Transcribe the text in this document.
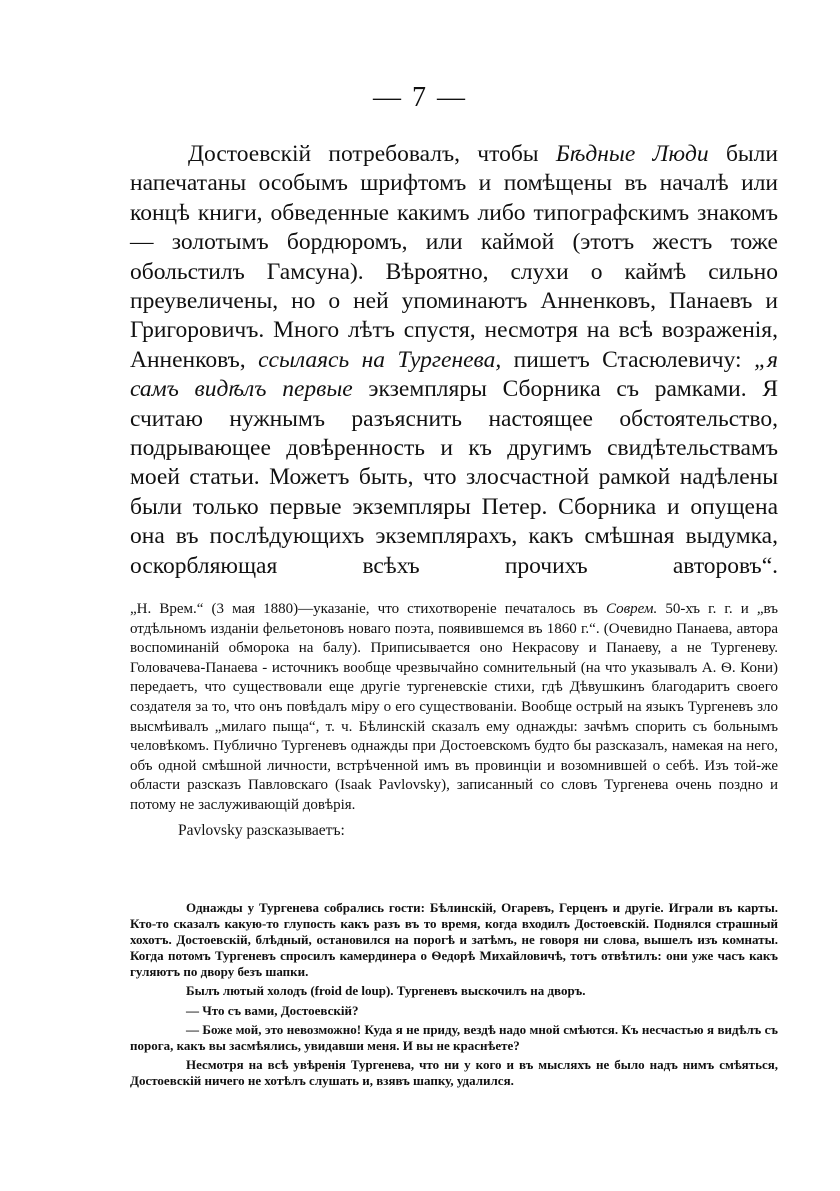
— 7 —

Достоевскій потребовалъ, чтобы Бѣдные Люди были напечатаны особымъ шрифтомъ и помѣщены въ началѣ или концѣ книги, обведенные какимъ либо типографскимъ знакомъ — золотымъ бордюромъ, или каймой (этотъ жестъ тоже обольстилъ Гамсуна). Вѣроятно, слухи о каймѣ сильно преувеличены, но о ней упоминаютъ Анненковъ, Панаевъ и Григоровичъ. Много лѣтъ спустя, несмотря на всѣ возраженія, Анненковъ, ссылаясь на Тургенева, пишетъ Стасюлевичу: „я самъ видѣлъ первые экземпляры Сборника съ рамками. Я считаю нужнымъ разъяснить настоящее обстоятельство, подрывающее довѣренность и къ другимъ свидѣтельствамъ моей статьи. Можетъ быть, что злосчастной рамкой надѣлены были только первые экземпляры Петер. Сборника и опущена она въ послѣдующихъ экземплярахъ, какъ смѣшная выдумка, оскорбляющая всѣхъ прочихъ авторовъ“.

„Н. Врем.“ (3 мая 1880)—указаніе, что стихотвореніе печаталось въ Соврем. 50-хъ г. г. и „въ отдѣльномъ изданіи фельетоновъ новаго поэта, появившемся въ 1860 г.“. (Очевидно Панаева, автора воспоминаній обморока на балу). Приписывается оно Некрасову и Панаеву, а не Тургеневу. Головачева-Панаева - источникъ вообще чрезвычайно сомнительный (на что указывалъ А. Ѳ. Кони) передаетъ, что существовали еще другіе тургеневскіе стихи, гдѣ Дѣвушкинъ благодаритъ своего создателя за то, что онъ повѣдалъ міру о его существованіи. Вообще острый на языкъ Тургеневъ зло высмѣивалъ „милаго пыща“, т. ч. Бѣлинскій сказалъ ему однажды: зачѣмъ спорить съ больнымъ человѣкомъ. Публично Тургеневъ однажды при Достоевскомъ будто бы разсказалъ, намекая на него, объ одной смѣшной личности, встрѣченной имъ въ провинціи и возомнившей о себѣ. Изъ той-же области разсказъ Павловскаго (Isaak Pavlovsky), записанный со словъ Тургенева очень поздно и потому не заслуживающій довѣрія.

Pavlovsky разсказываетъ:

Однажды у Тургенева собрались гости: Бѣлинскій, Огаревъ, Герценъ и другіе. Играли въ карты. Кто-то сказалъ какую-то глупость какъ разъ въ то время, когда входилъ Достоевскій. Поднялся страшный хохотъ. Достоевскій, блѣдный, остановился на порогѣ и затѣмъ, не говоря ни слова, вышелъ изъ комнаты. Когда потомъ Тургеневъ спросилъ камердинера о Ѳедорѣ Михайловичѣ, тотъ отвѣтилъ: они уже часъ какъ гуляютъ по двору безъ шапки.

Былъ лютый холодъ (froid de loup). Тургеневъ выскочилъ на дворъ.

— Что съ вами, Достоевскій?

— Боже мой, это невозможно! Куда я не приду, вездѣ надо мной смѣются. Къ несчастью я видѣлъ съ порога, какъ вы засмѣялись, увидавши меня. И вы не краснѣете?

Несмотря на всѣ увѣренія Тургенева, что ни у кого и въ мысляхъ не было надъ нимъ смѣяться, Достоевскій ничего не хотѣлъ слушать и, взявъ шапку, удалился.
